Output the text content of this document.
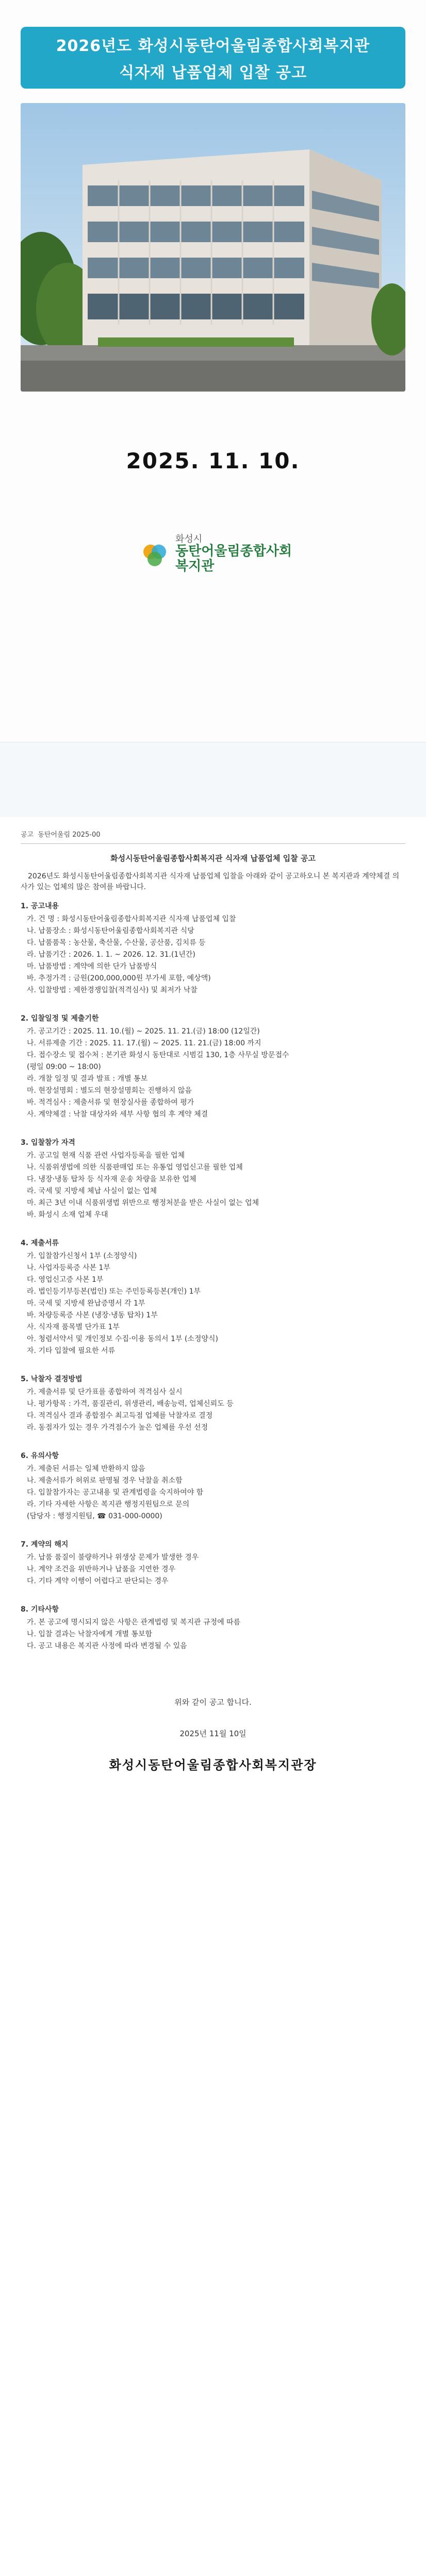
2026년도 화성시동탄어울림종합사회복지관
식자재 납품업체 입찰 공고
2025. 11. 10.
화성시
동탄어울림종합사회복지관
공고 동탄어울림 2025-00
화성시동탄어울림종합사회복지관 식자재 납품업체 입찰 공고

2026년도 화성시동탄어울림종합사회복지관 식자재 납품업체 입찰을 아래와 같이 공고하오니 본 복지관과 계약체결 의사가 있는 업체의 많은 참여를 바랍니다.

1. 공고내용
가. 건 명 : 화성시동탄어울림종합사회복지관 식자재 납품업체 입찰
나. 납품장소 : 화성시동탄어울림종합사회복지관 식당
다. 납품품목 : 농산물, 축산물, 수산물, 공산품, 김치류 등
라. 납품기간 : 2026. 1. 1. ~ 2026. 12. 31.(1년간)
마. 납품방법 : 계약에 의한 단가 납품방식
바. 추정가격 : 금원(200,000,000원 부가세 포함, 예상액)
사. 입찰방법 : 제한경쟁입찰(적격심사) 및 최저가 낙찰
2. 입찰일정 및 제출기한
가. 공고기간 : 2025. 11. 10.(월) ~ 2025. 11. 21.(금) 18:00 (12일간)
나. 서류제출 기간 : 2025. 11. 17.(월) ~ 2025. 11. 21.(금) 18:00 까지
다. 접수장소 및 접수처 : 본기관 화성시 동탄대로 시범길 130, 1층 사무실 방문접수
(평일 09:00 ~ 18:00)
라. 개찰 일정 및 결과 발표 : 개별 통보
마. 현장설명회 : 별도의 현장설명회는 진행하지 않음
바. 적격심사 : 제출서류 및 현장실사를 종합하여 평가
사. 계약체결 : 낙찰 대상자와 세부 사항 협의 후 계약 체결
3. 입찰참가 자격
가. 공고일 현재 식품 관련 사업자등록을 필한 업체
나. 식품위생법에 의한 식품판매업 또는 유통업 영업신고를 필한 업체
다. 냉장·냉동 탑차 등 식자재 운송 차량을 보유한 업체
라. 국세 및 지방세 체납 사실이 없는 업체
마. 최근 3년 이내 식품위생법 위반으로 행정처분을 받은 사실이 없는 업체
바. 화성시 소재 업체 우대
4. 제출서류
가. 입찰참가신청서 1부 (소정양식)
나. 사업자등록증 사본 1부
다. 영업신고증 사본 1부
라. 법인등기부등본(법인) 또는 주민등록등본(개인) 1부
마. 국세 및 지방세 완납증명서 각 1부
바. 차량등록증 사본 (냉장·냉동 탑차) 1부
사. 식자재 품목별 단가표 1부
아. 청렴서약서 및 개인정보 수집·이용 동의서 1부 (소정양식)
자. 기타 입찰에 필요한 서류
5. 낙찰자 결정방법
가. 제출서류 및 단가표를 종합하여 적격심사 실시
나. 평가항목 : 가격, 품질관리, 위생관리, 배송능력, 업체신뢰도 등
다. 적격심사 결과 종합점수 최고득점 업체를 낙찰자로 결정
라. 동점자가 있는 경우 가격점수가 높은 업체를 우선 선정
6. 유의사항
가. 제출된 서류는 일체 반환하지 않음
나. 제출서류가 허위로 판명될 경우 낙찰을 취소함
다. 입찰참가자는 공고내용 및 관계법령을 숙지하여야 함
라. 기타 자세한 사항은 복지관 행정지원팀으로 문의
(담당자 : 행정지원팀, ☎ 031-000-0000)
7. 계약의 해지
가. 납품 품질이 불량하거나 위생상 문제가 발생한 경우
나. 계약 조건을 위반하거나 납품을 지연한 경우
다. 기타 계약 이행이 어렵다고 판단되는 경우
8. 기타사항
가. 본 공고에 명시되지 않은 사항은 관계법령 및 복지관 규정에 따름
나. 입찰 결과는 낙찰자에게 개별 통보함
다. 공고 내용은 복지관 사정에 따라 변경될 수 있음
위와 같이 공고 합니다.
2025년 11월 10일
화성시동탄어울림종합사회복지관장
